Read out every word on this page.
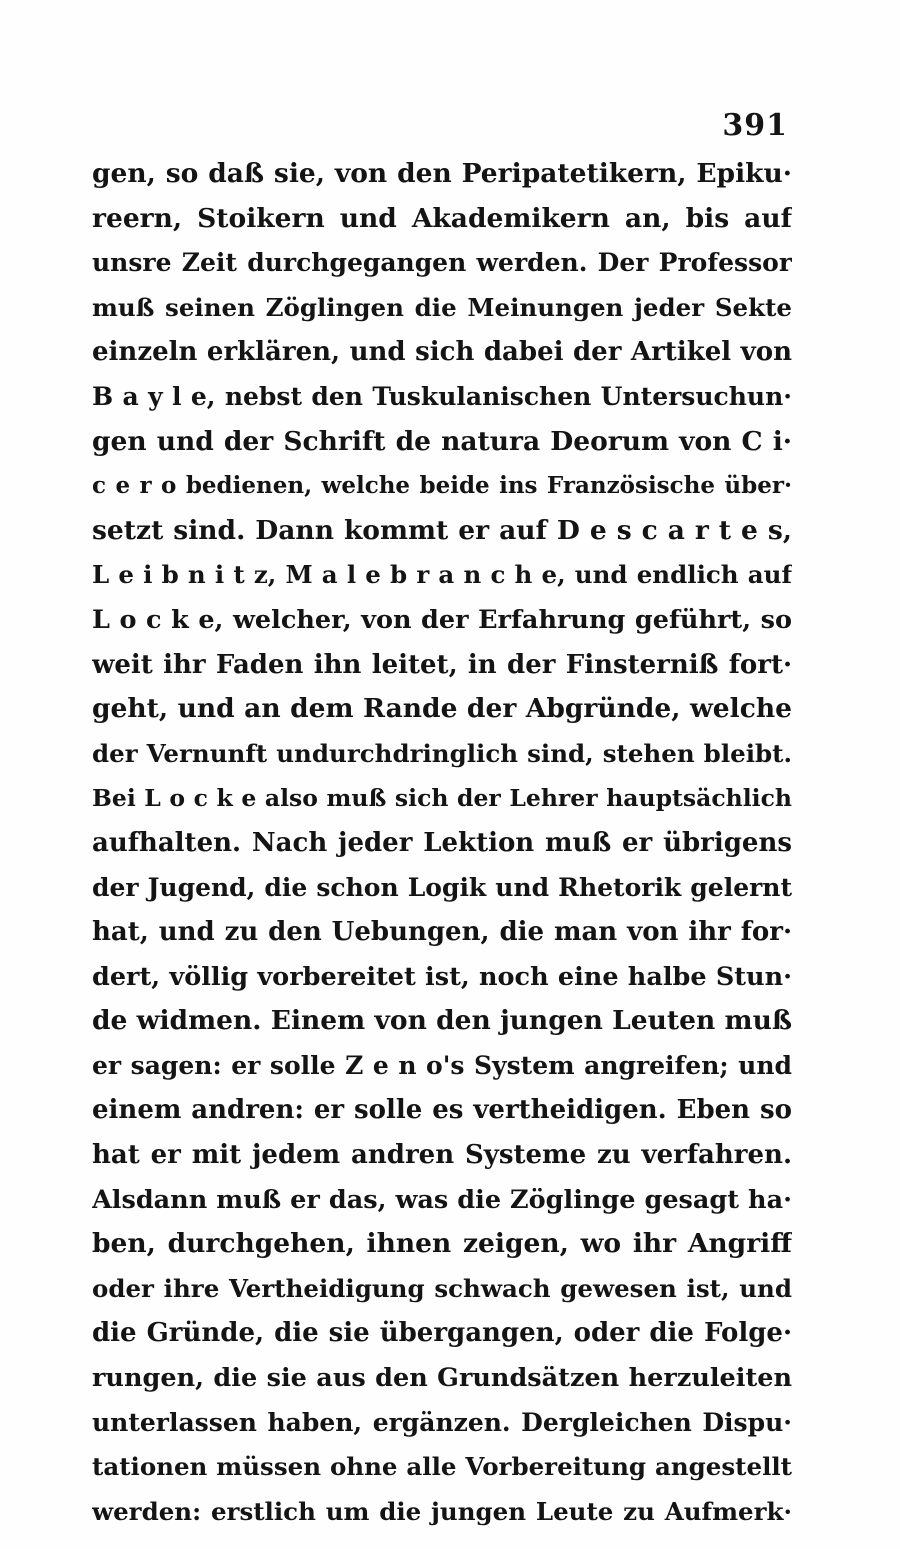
391
gen, so daß sie, von den Peripatetikern, Epiku·
reern, Stoikern und Akademikern an, bis auf
unsre Zeit durchgegangen werden. Der Professor
muß seinen Zöglingen die Meinungen jeder Sekte
einzeln erklären, und sich dabei der Artikel von
B a y l e, nebst den Tuskulanischen Untersuchun·
gen und der Schrift de natura Deorum von C i·
c e r o bedienen, welche beide ins Französische über·
setzt sind. Dann kommt er auf D e s c a r t e s,
L e i b n i t z, M a l e b r a n c h e, und endlich auf
L o c k e, welcher, von der Erfahrung geführt, so
weit ihr Faden ihn leitet, in der Finsterniß fort·
geht, und an dem Rande der Abgründe, welche
der Vernunft undurchdringlich sind, stehen bleibt.
Bei L o c k e also muß sich der Lehrer hauptsächlich
aufhalten. Nach jeder Lektion muß er übrigens
der Jugend, die schon Logik und Rhetorik gelernt
hat, und zu den Uebungen, die man von ihr for·
dert, völlig vorbereitet ist, noch eine halbe Stun·
de widmen. Einem von den jungen Leuten muß
er sagen: er solle Z e n o's System angreifen; und
einem andren: er solle es vertheidigen. Eben so
hat er mit jedem andren Systeme zu verfahren.
Alsdann muß er das, was die Zöglinge gesagt ha·
ben, durchgehen, ihnen zeigen, wo ihr Angriff
oder ihre Vertheidigung schwach gewesen ist, und
die Gründe, die sie übergangen, oder die Folge·
rungen, die sie aus den Grundsätzen herzuleiten
unterlassen haben, ergänzen. Dergleichen Dispu·
tationen müssen ohne alle Vorbereitung angestellt
werden: erstlich um die jungen Leute zu Aufmerk·
